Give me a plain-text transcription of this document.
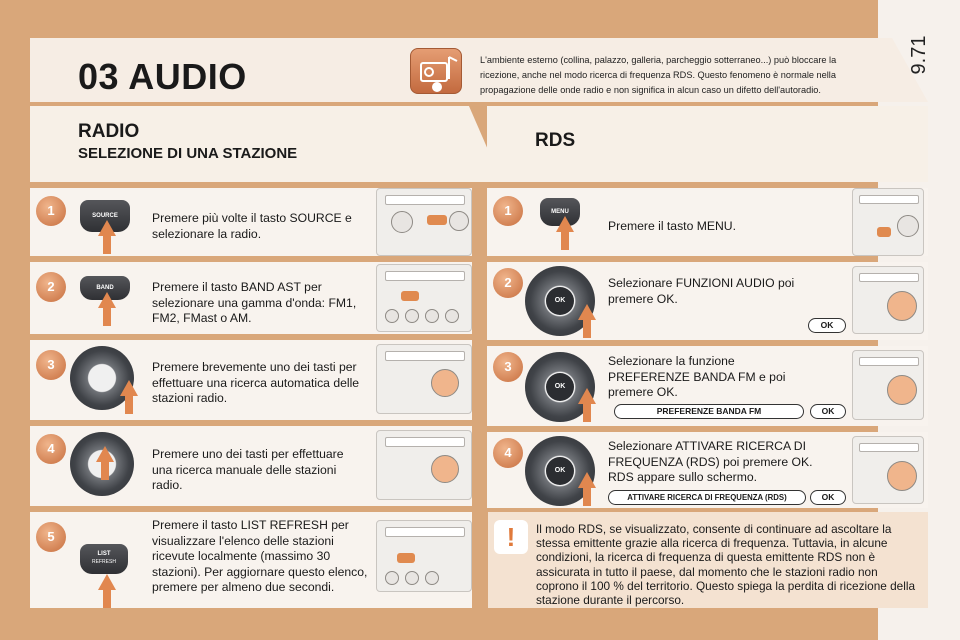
9.71
03 AUDIO	L'ambiente esterno (collina, palazzo, galleria, parcheggio sotterraneo...) può bloccare la ricezione, anche nel modo ricerca di frequenza RDS. Questo fenomeno è normale nella propagazione delle onde radio e non significa in alcun caso un difetto dell'autoradio.
RADIO
SELEZIONE DI UNA STAZIONE
RDS
1	SOURCE	Premere più volte il tasto SOURCE e selezionare la radio.
2	BAND	Premere il tasto BAND AST per selezionare una gamma d'onda: FM1, FM2, FMast o AM.
3	Premere brevemente uno dei tasti per effettuare una ricerca automatica delle stazioni radio.
4	Premere uno dei tasti per effettuare una ricerca manuale delle stazioni radio.
5
LIST
REFRESH
Premere il tasto LIST REFRESH per visualizzare l'elenco delle stazioni ricevute localmente (massimo 30 stazioni). Per aggiornare questo elenco, premere per almeno due secondi.
1	MENU
Premere il tasto MENU.
2
OK
Selezionare FUNZIONI AUDIO poi premere OK.
OK
3
OK
Selezionare la funzione PREFERENZE BANDA FM e poi premere OK.
PREFERENZE BANDA FM	OK
4
OK
Selezionare ATTIVARE RICERCA DI FREQUENZA (RDS) poi premere OK. RDS appare sullo schermo.
ATTIVARE RICERCA DI FREQUENZA (RDS)	OK
!	Il modo RDS, se visualizzato, consente di continuare ad ascoltare la stessa emittente grazie alla ricerca di frequenza. Tuttavia, in alcune condizioni, la ricerca di frequenza di questa emittente RDS non è assicurata in tutto il paese, dal momento che le stazioni radio non coprono il 100 % del territorio. Questo spiega la perdita di ricezione della stazione durante il percorso.
